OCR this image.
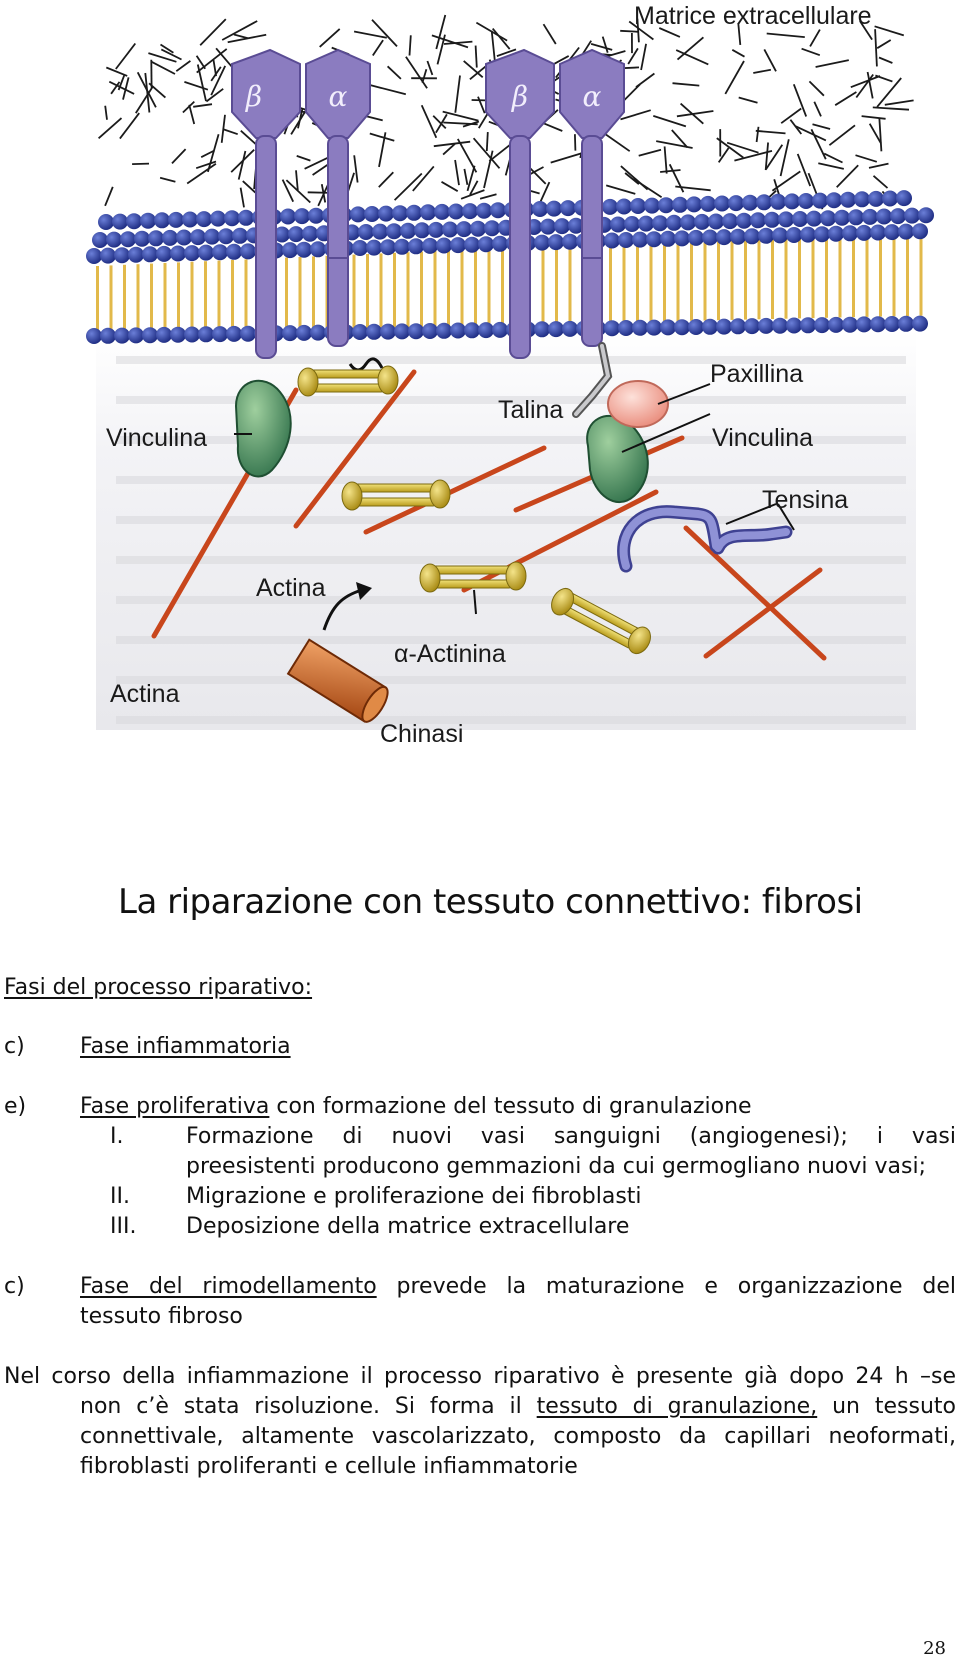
β α	β α
Matrice extracellulare
Paxillina
Talina
Vinculina	Vinculina
Tensina
Actina
α-Actinina
Actina
Chinasi
La riparazione con tessuto connettivo: fibrosi
Fasi del processo riparativo:
c)	Fase infiammatoria
e) Fase proliferativa con formazione del tessuto di granulazione
I.	Formazione di nuovi vasi sanguigni (angiogenesi); i vasi
preesistenti producono gemmazioni da cui germogliano nuovi vasi;
II.	Migrazione e proliferazione dei fibroblasti
III. Deposizione della matrice extracellulare
c)	Fase del rimodellamento prevede la maturazione e organizzazione del
tessuto fibroso
Nel corso della infiammazione il processo riparativo è presente già dopo 24 h –se
non c’è stata risoluzione. Si forma il tessuto di granulazione, un tessuto
connettivale, altamente vascolarizzato, composto da capillari neoformati,
fibroblasti proliferanti e cellule infiammatorie
28
